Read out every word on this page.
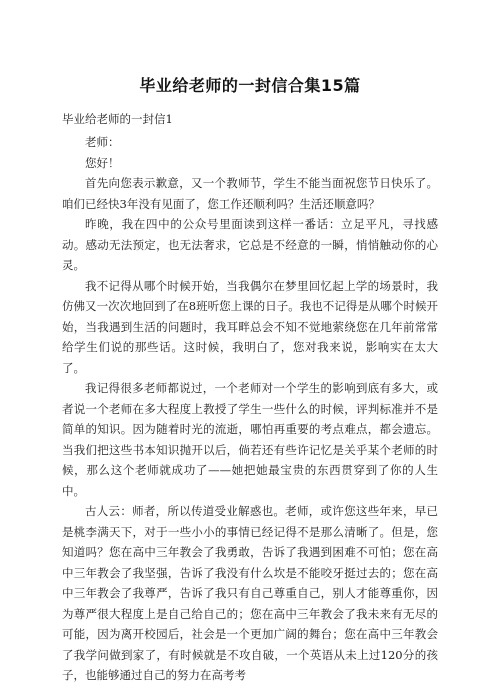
毕业给老师的一封信合集15篇
毕业给老师的一封信1
老师：
您好！

首先向您表示歉意，又一个教师节，学生不能当面祝您节日快乐了。咱们已经快3年没有见面了，您工作还顺利吗？生活还顺意吗？

昨晚，我在四中的公众号里面读到这样一番话：立足平凡，寻找感动。感动无法预定，也无法奢求，它总是不经意的一瞬，悄悄触动你的心灵。

我不记得从哪个时候开始，当我偶尔在梦里回忆起上学的场景时，我仿佛又一次次地回到了在8班听您上课的日子。我也不记得是从哪个时候开始，当我遇到生活的问题时，我耳畔总会不知不觉地萦绕您在几年前常常给学生们说的那些话。这时候，我明白了，您对我来说，影响实在太大了。

我记得很多老师都说过，一个老师对一个学生的影响到底有多大，或者说一个老师在多大程度上教授了学生一些什么的时候，评判标准并不是简单的知识。因为随着时光的流逝，哪怕再重要的考点难点，都会遗忘。当我们把这些书本知识抛开以后，倘若还有些许记忆是关乎某个老师的时候，那么这个老师就成功了——她把她最宝贵的东西贯穿到了你的人生中。

古人云：师者，所以传道受业解惑也。老师，或许您这些年来，早已是桃李满天下，对于一些小小的事情已经记得不是那么清晰了。但是，您知道吗？您在高中三年教会了我勇敢，告诉了我遇到困难不可怕；您在高中三年教会了我坚强，告诉了我没有什么坎是不能咬牙挺过去的；您在高中三年教会了我尊严，告诉了我只有自己尊重自己，别人才能尊重你，因为尊严很大程度上是自己给自己的；您在高中三年教会了我未来有无尽的可能，因为离开校园后，社会是一个更加广阔的舞台；您在高中三年教会了我学问做到家了，有时候就是不攻自破，一个英语从未上过120分的孩子，也能够通过自己的努力在高考考
